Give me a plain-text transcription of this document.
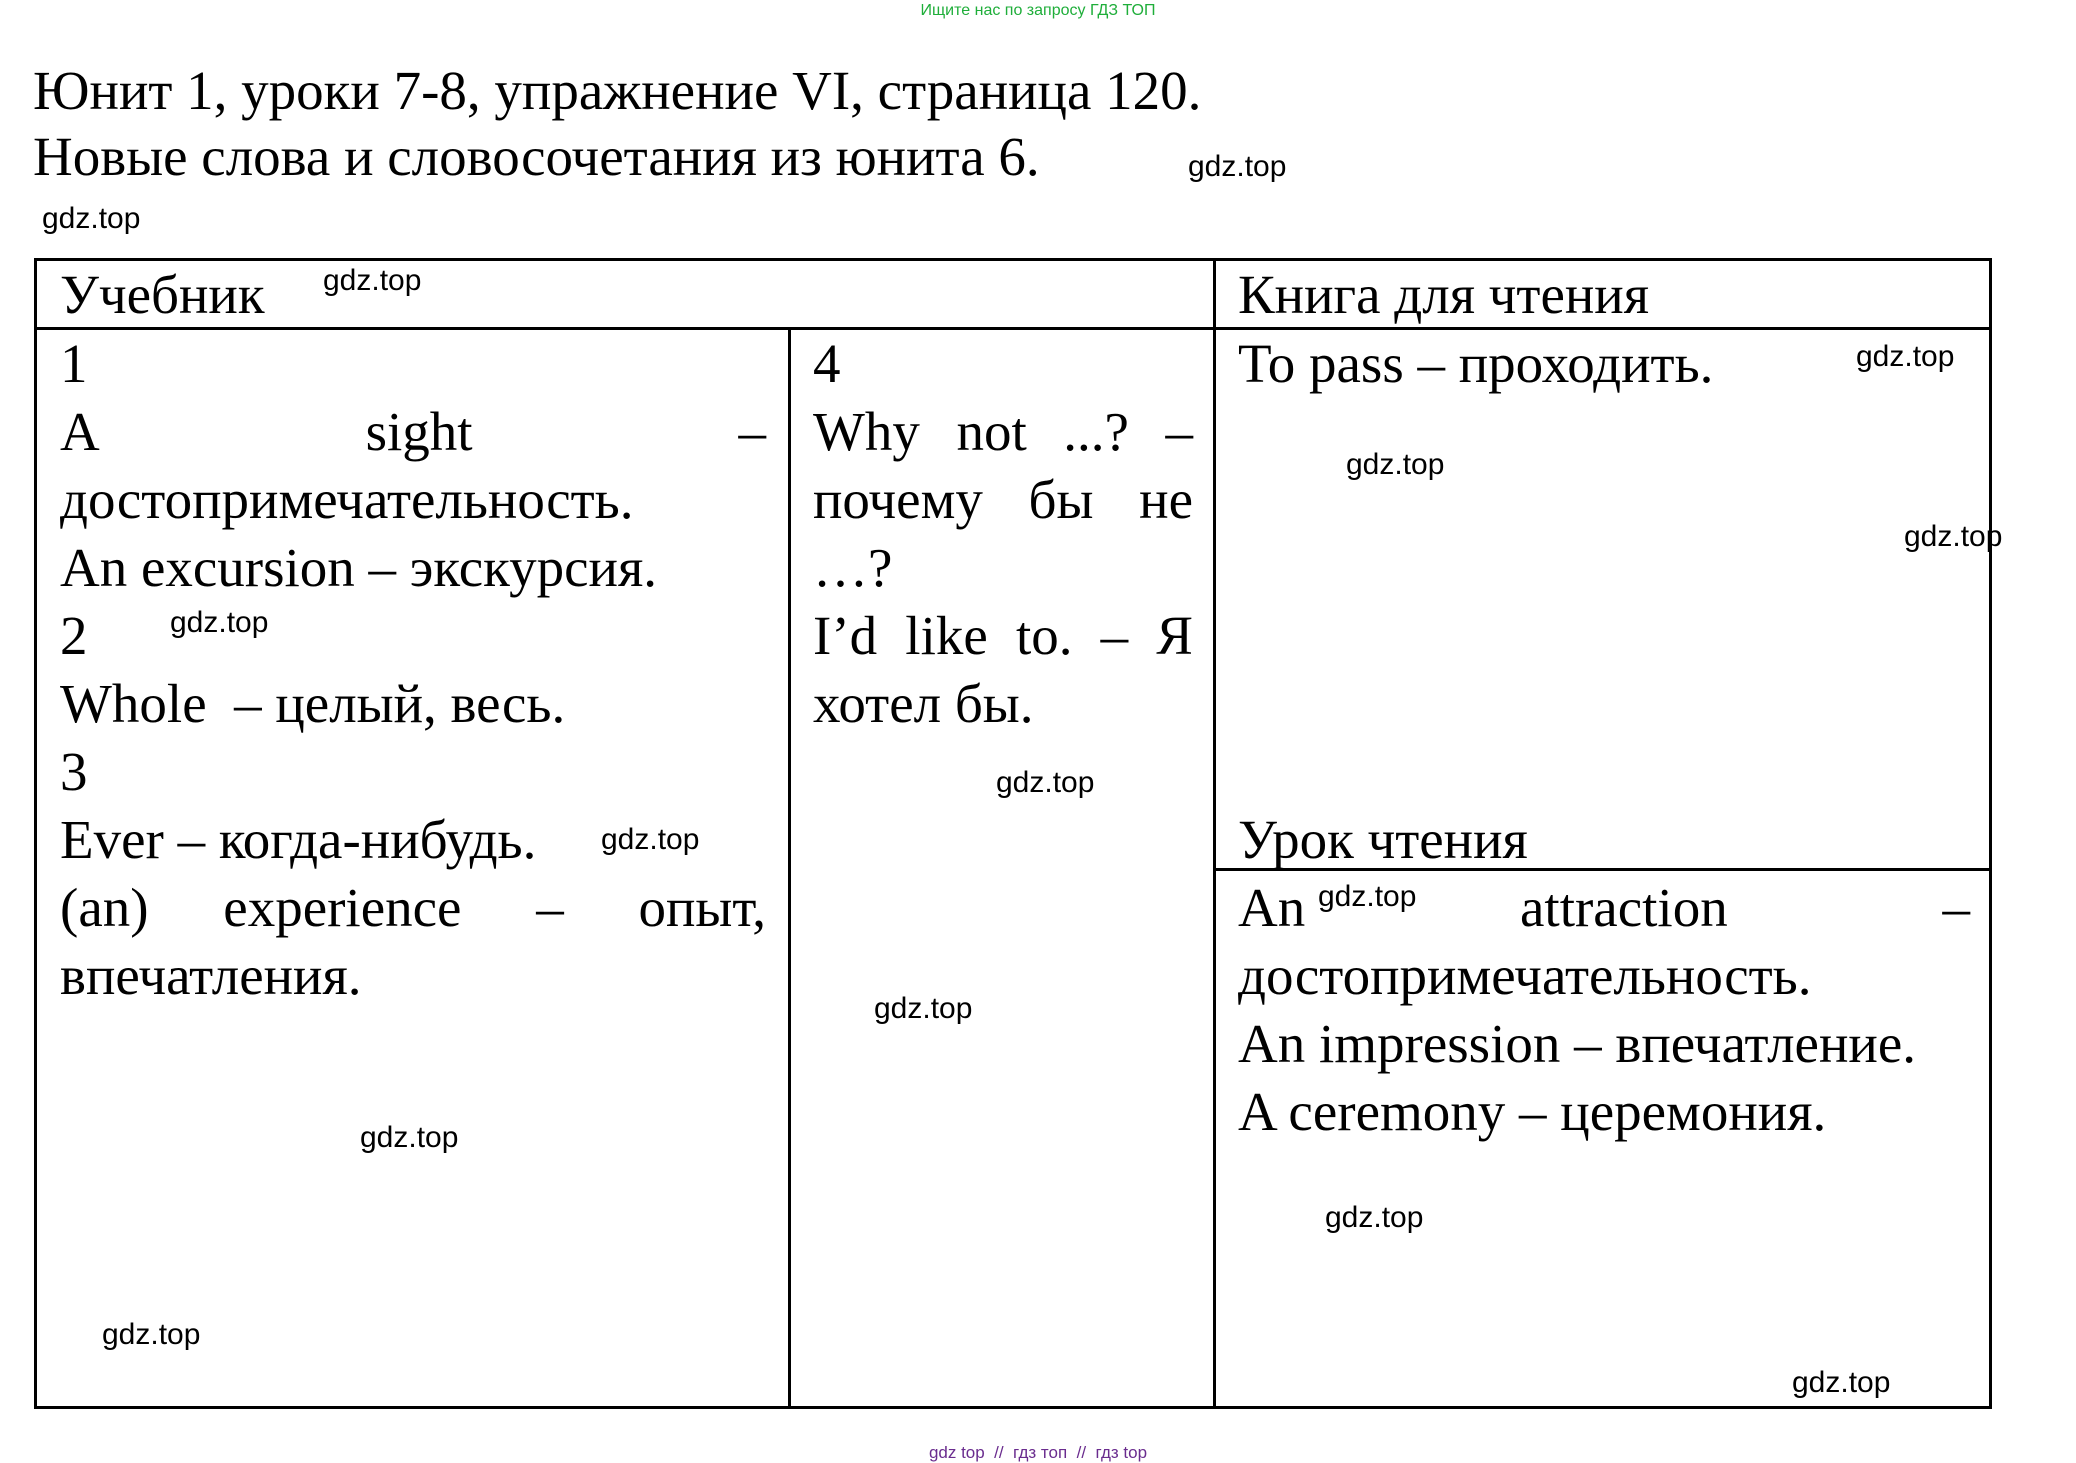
Ищите нас по запросу ГДЗ ТОП
Юнит 1, уроки 7-8, упражнение VI, страница 120.
Новые слова и словосочетания из юнита 6.
Учебник	Книга для чтения
1
A	sight	–
достопримечательность.
An excursion – экскурсия.
2
Whole  – целый, весь.
3
Ever – когда-нибудь.
(an) experience – опыт,
впечатления.
4
Why not ...? –
почему бы не
…?
I’d like to. – Я
хотел бы.
To pass – проходить.
Урок чтения
An	attraction	–
достопримечательность.
An impression – впечатление.
A ceremony – церемония.
gdz.top
gdz.top
gdz.top
gdz.top
gdz.top
gdz.top
gdz.top
gdz.top
gdz.top
gdz.top
gdz.top
gdz.top
gdz.top
gdz.top
gdz.top
gdz top  //  гдз топ  //  гдз top
